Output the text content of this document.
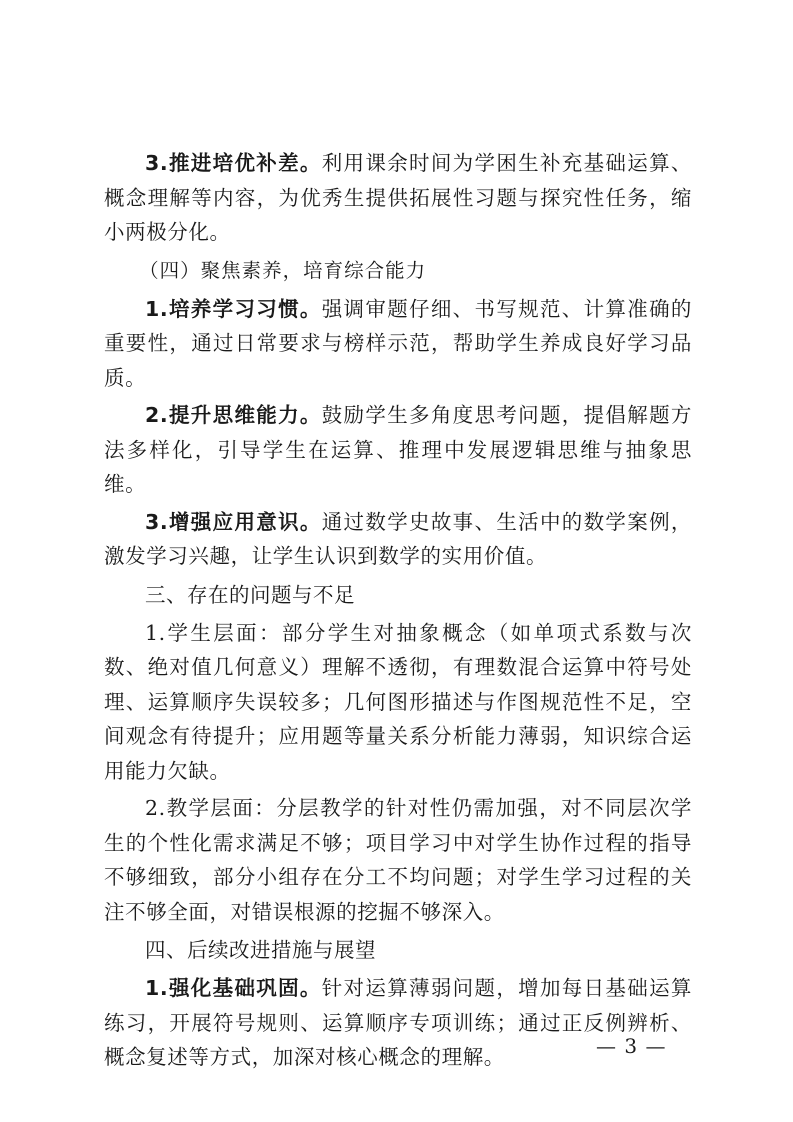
3.推进培优补差。利用课余时间为学困生补充基础运算、概念理解等内容，为优秀生提供拓展性习题与探究性任务，缩小两极分化。

（四）聚焦素养，培育综合能力

1.培养学习习惯。强调审题仔细、书写规范、计算准确的重要性，通过日常要求与榜样示范，帮助学生养成良好学习品质。

2.提升思维能力。鼓励学生多角度思考问题，提倡解题方法多样化，引导学生在运算、推理中发展逻辑思维与抽象思维。

3.增强应用意识。通过数学史故事、生活中的数学案例，激发学习兴趣，让学生认识到数学的实用价值。

三、存在的问题与不足

1.学生层面：部分学生对抽象概念（如单项式系数与次数、绝对值几何意义）理解不透彻，有理数混合运算中符号处理、运算顺序失误较多；几何图形描述与作图规范性不足，空间观念有待提升；应用题等量关系分析能力薄弱，知识综合运用能力欠缺。

2.教学层面：分层教学的针对性仍需加强，对不同层次学生的个性化需求满足不够；项目学习中对学生协作过程的指导不够细致，部分小组存在分工不均问题；对学生学习过程的关注不够全面，对错误根源的挖掘不够深入。

四、后续改进措施与展望

1.强化基础巩固。针对运算薄弱问题，增加每日基础运算练习，开展符号规则、运算顺序专项训练；通过正反例辨析、概念复述等方式，加深对核心概念的理解。	— 3 —
